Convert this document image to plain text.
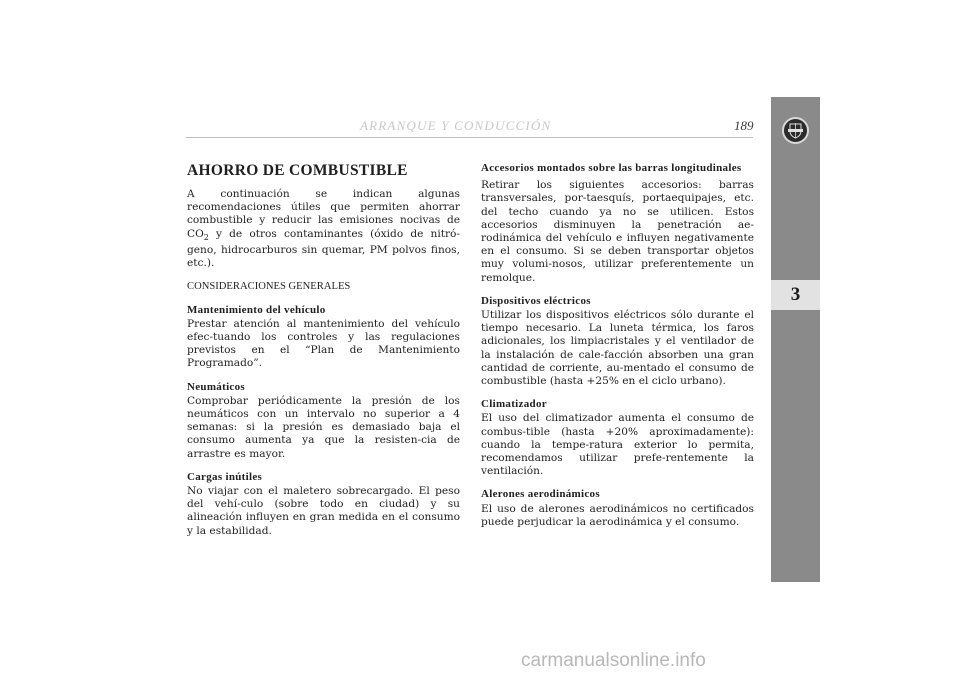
ARRANQUE Y CONDUCCIÓN	189
3
AHORRO DE COMBUSTIBLE

A continuación se indican algunas recomendaciones útiles que permiten ahorrar combustible y reducir las emisiones nocivas de $CO_2$ y de otros contaminantes (óxido de nitró-geno, hidrocarburos sin quemar, PM polvos finos, etc.).

CONSIDERACIONES GENERALES
Mantenimiento del vehículo

Prestar atención al mantenimiento del vehículo efec-tuando los controles y las regulaciones previstos en el “Plan de Mantenimiento Programado”.

Neumáticos

Comprobar periódicamente la presión de los neumáticos con un intervalo no superior a 4 semanas: si la presión es demasiado baja el consumo aumenta ya que la resisten-cia de arrastre es mayor.

Cargas inútiles

No viajar con el maletero sobrecargado. El peso del vehí-culo (sobre todo en ciudad) y su alineación influyen en gran medida en el consumo y la estabilidad.

Accesorios montados sobre las barras longitudinales

Retirar los siguientes accesorios: barras transversales, por-taesquís, portaequipajes, etc. del techo cuando ya no se utilicen. Estos accesorios disminuyen la penetración ae-rodinámica del vehículo e influyen negativamente en el consumo. Si se deben transportar objetos muy volumi-nosos, utilizar preferentemente un remolque.

Dispositivos eléctricos

Utilizar los dispositivos eléctricos sólo durante el tiempo necesario. La luneta térmica, los faros adicionales, los limpiacristales y el ventilador de la instalación de cale-facción absorben una gran cantidad de corriente, au-mentado el consumo de combustible (hasta +25% en el ciclo urbano).

Climatizador

El uso del climatizador aumenta el consumo de combus-tible (hasta +20% aproximadamente): cuando la tempe-ratura exterior lo permita, recomendamos utilizar prefe-rentemente la ventilación.

Alerones aerodinámicos

El uso de alerones aerodinámicos no certificados puede perjudicar la aerodinámica y el consumo.

carmanualsonline.info
